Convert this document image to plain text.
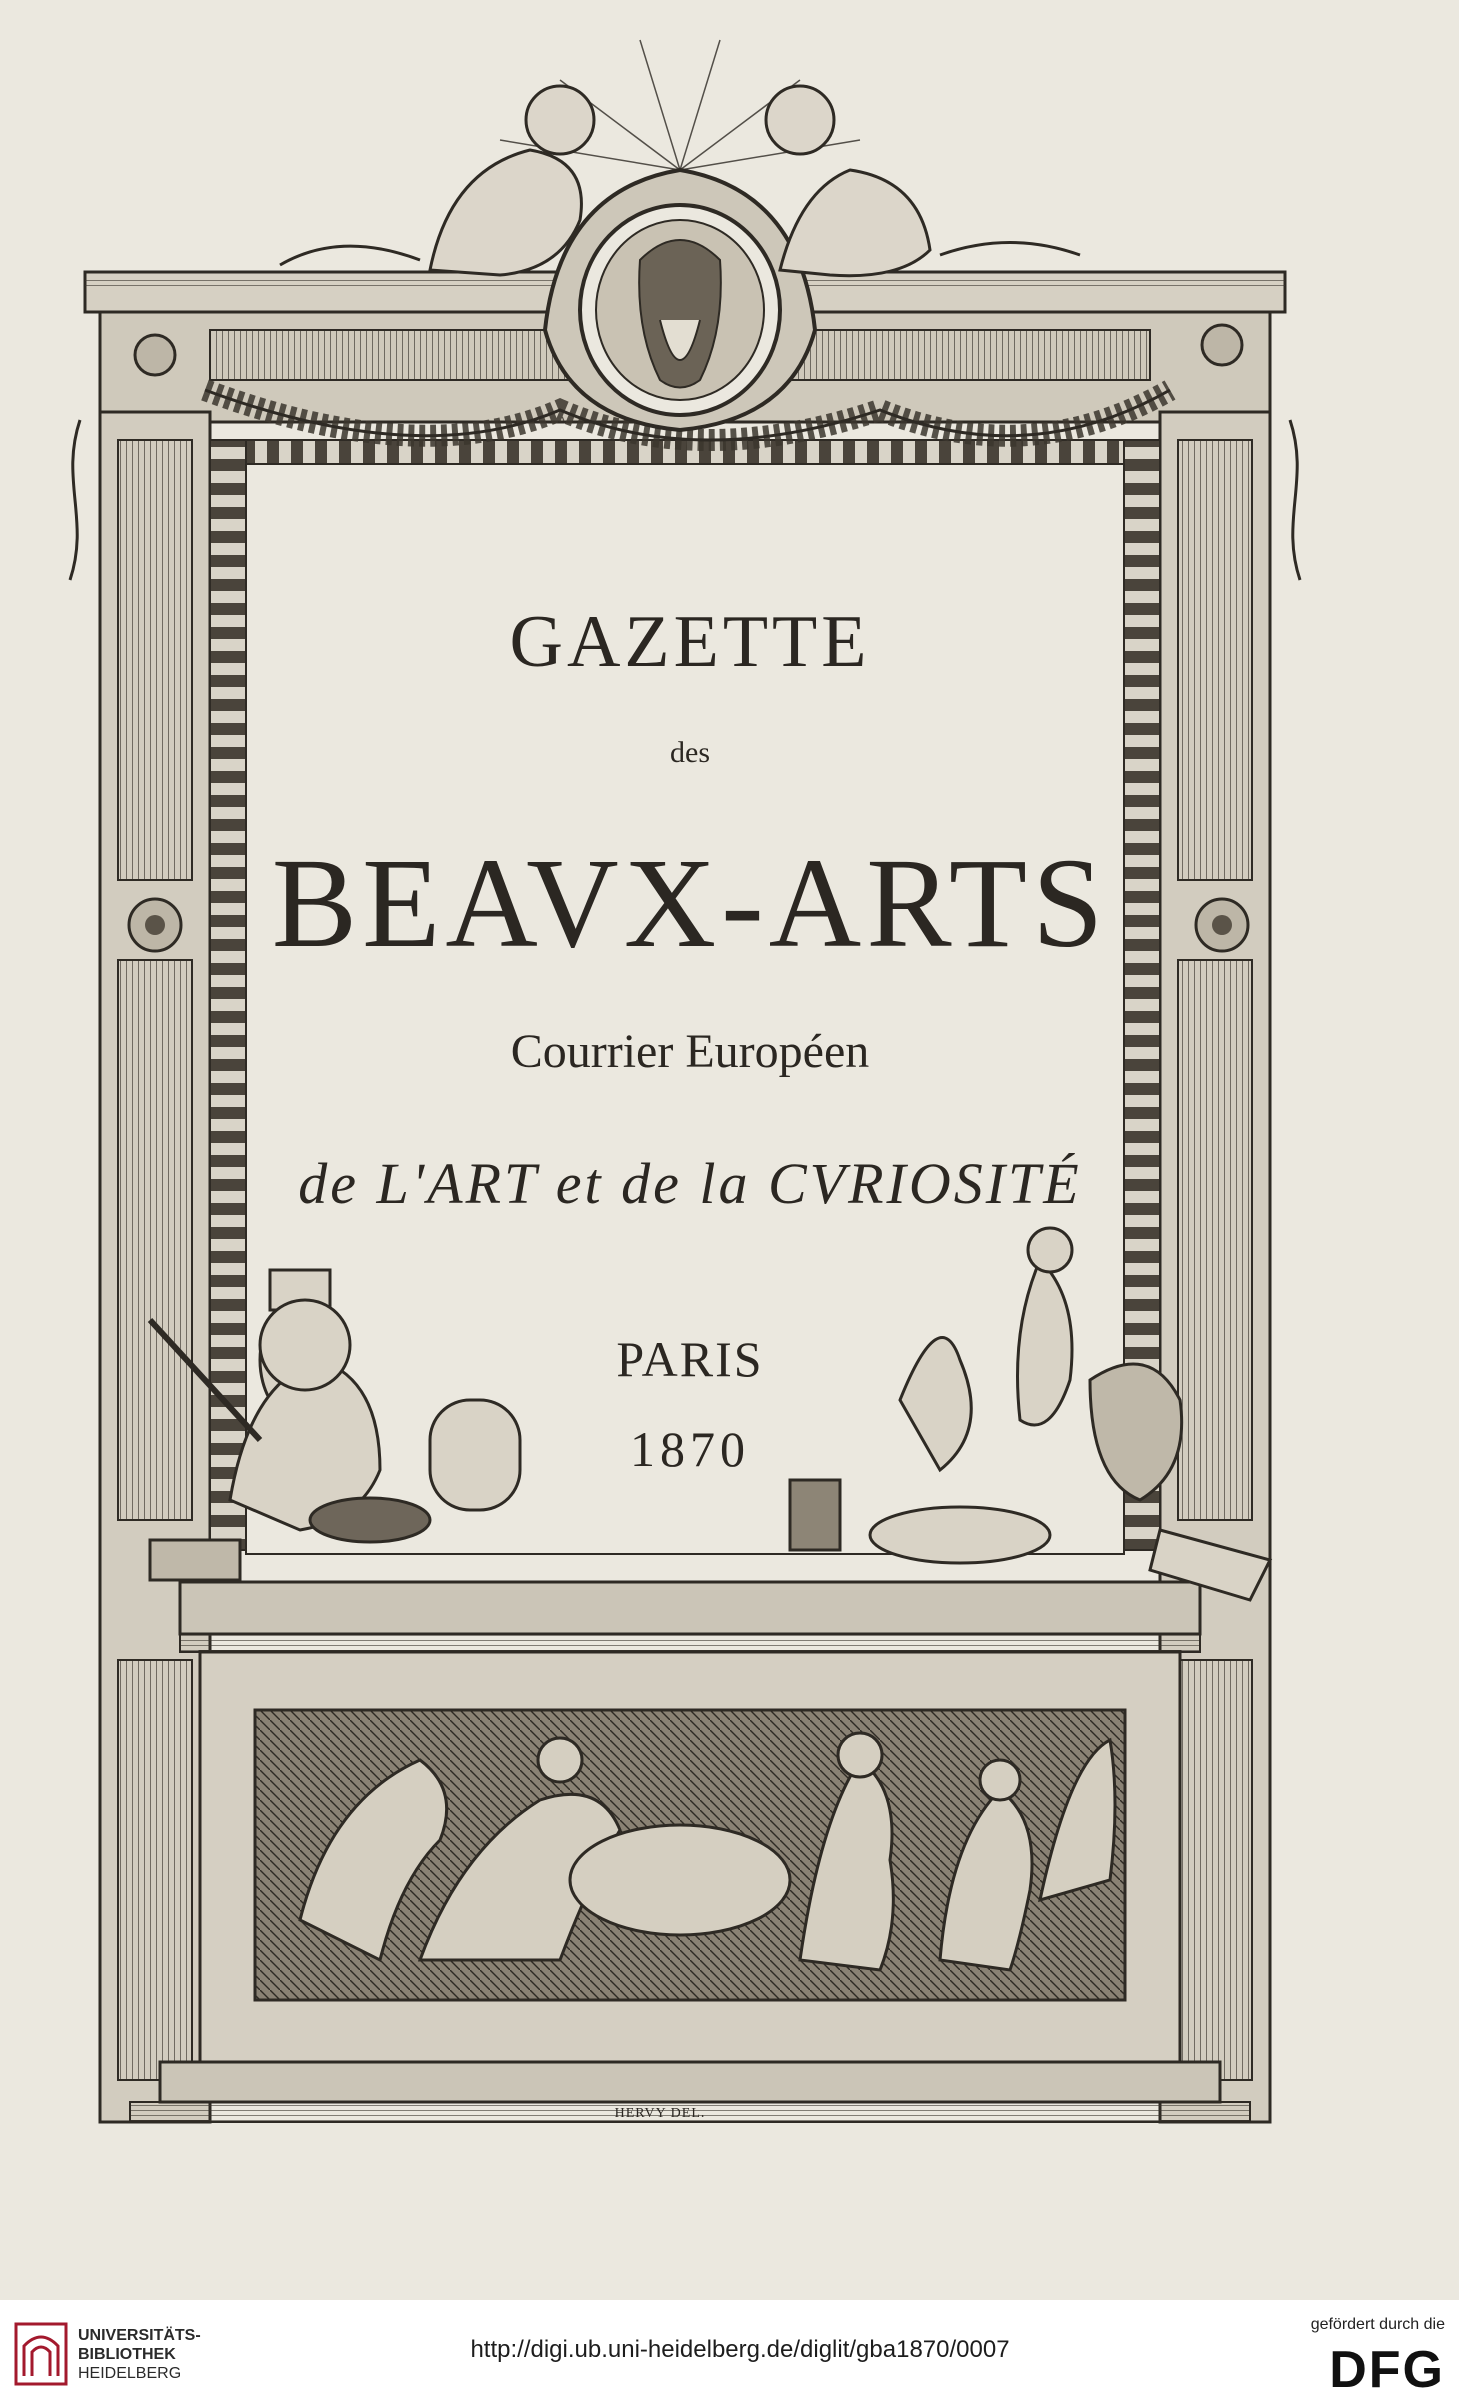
GAZETTE
des
BEAVX-ARTS
Courrier Européen
de L'ART et de la CVRIOSITÉ
PARIS
1870
HERVY DEL.
UNIVERSITÄTS-
BIBLIOTHEK
HEIDELBERG
http://digi.ub.uni-heidelberg.de/diglit/gba1870/0007
gefördert durch die
DFG
